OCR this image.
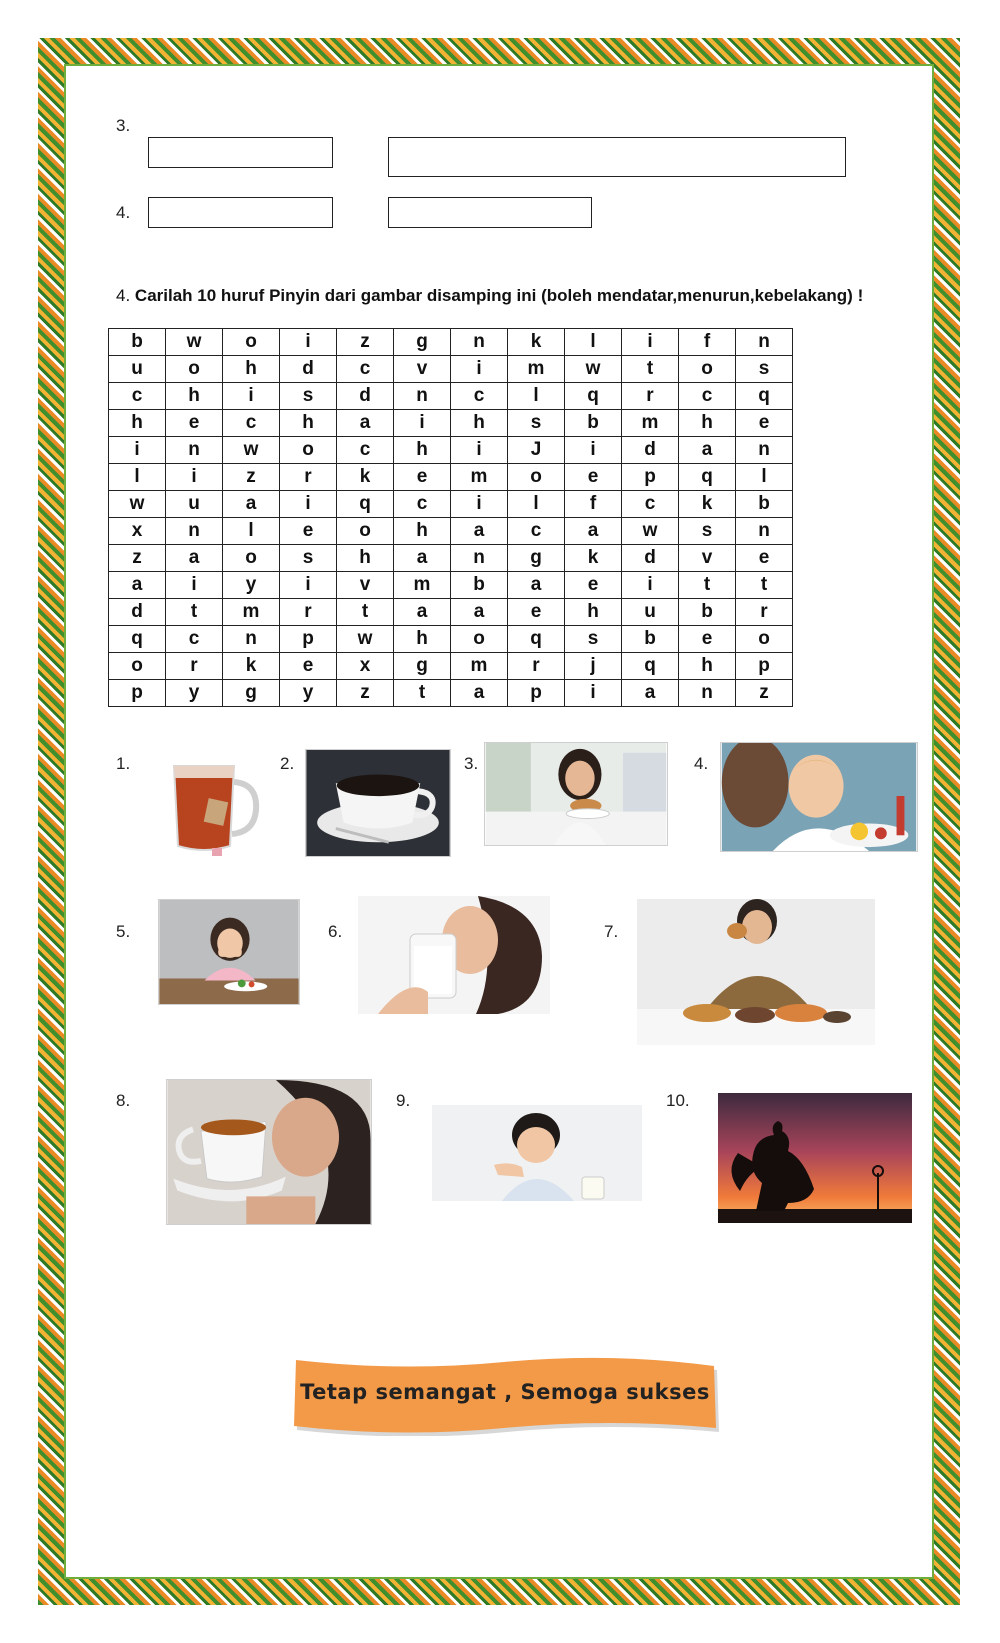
3.
4.
4. Carilah 10 huruf Pinyin dari gambar disamping ini (boleh mendatar,menurun,kebelakang) !
b	w	o	i	z	g	n	k	l	i	f	n
u	o	h	d	c	v	i	m	w	t	o	s
c	h	i	s	d	n	c	l	q	r	c	q
h	e	c	h	a	i	h	s	b	m	h	e
i	n	w	o	c	h	i	J	i	d	a	n
l	i	z	r	k	e	m	o	e	p	q	l
w	u	a	i	q	c	i	l	f	c	k	b
x	n	l	e	o	h	a	c	a	w	s	n
z	a	o	s	h	a	n	g	k	d	v	e
a	i	y	i	v	m	b	a	e	i	t	t
d	t	m	r	t	a	a	e	h	u	b	r
q	c	n	p	w	h	o	q	s	b	e	o
o	r	k	e	x	g	m	r	j	q	h	p
p	y	g	y	z	t	a	p	i	a	n	z
1.	2.	3.	4.
5.	6.	7.
8.	9.	10.
Tetap semangat , Semoga sukses
